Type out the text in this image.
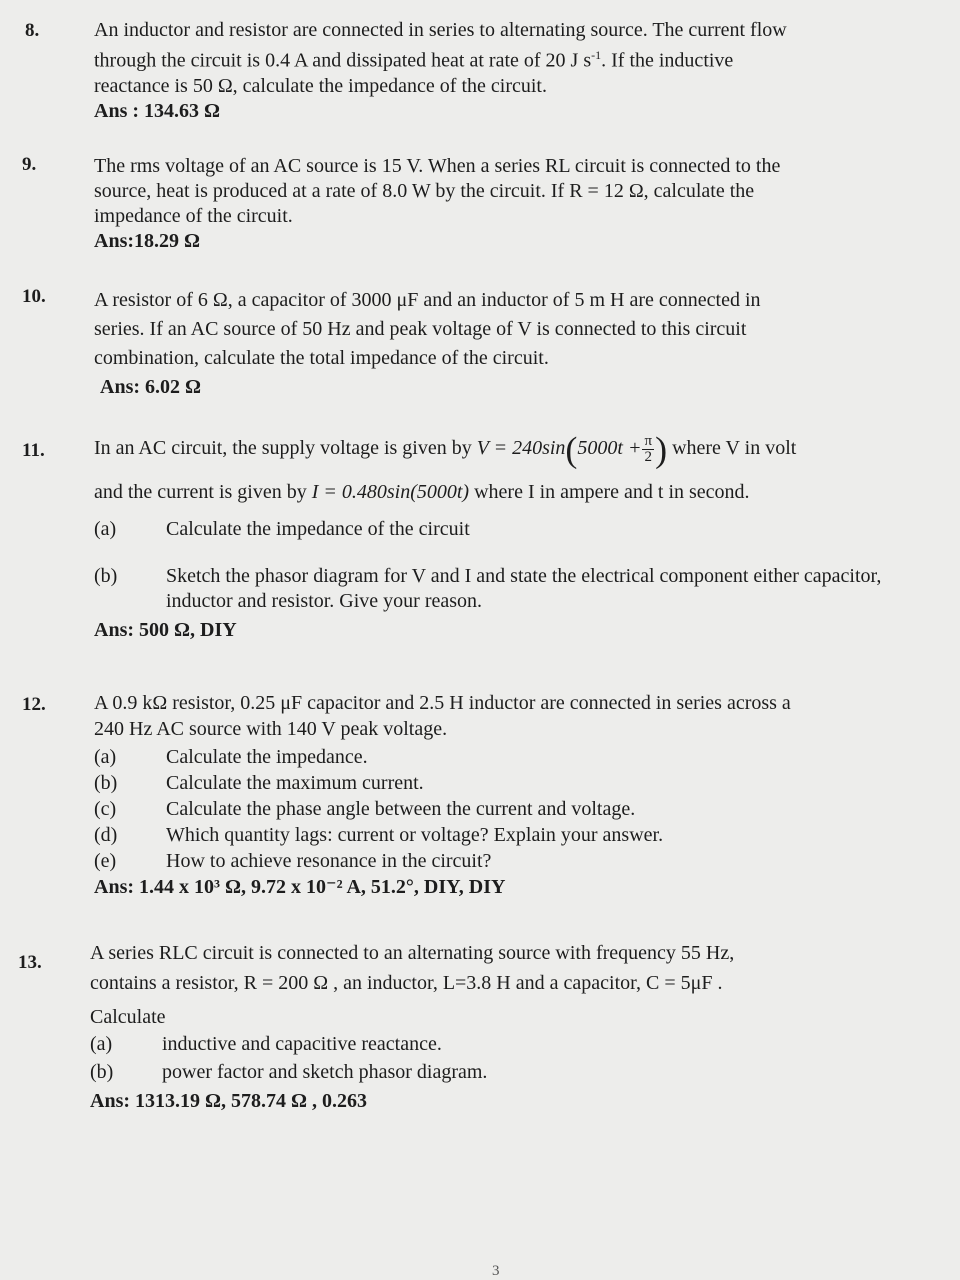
8.	An inductor and resistor are connected in series to alternating source. The current flow

through the circuit is 0.4 A and dissipated heat at rate of 20 J $s^{-1}$. If the inductive

reactance is 50 Ω, calculate the impedance of the circuit.

Ans : 134.63 Ω

9.	The rms voltage of an AC source is 15 V. When a series RL circuit is connected to the

source, heat is produced at a rate of 8.0 W by the circuit. If R = 12 Ω, calculate the

impedance of the circuit.

Ans:18.29 Ω

10. A resistor of 6 Ω, a capacitor of 3000 μF and an inductor of 5 m H are connected in

series. If an AC source of 50 Hz and peak voltage of V is connected to this circuit

combination, calculate the total impedance of the circuit.

Ans: 6.02 Ω

11. In an AC circuit, the supply voltage is given by $V = 240\sin(5000t + \frac{\pi}{2}$ ) where V in volt

and the current is given by I = 0.480sin(5000t) where I in ampere and t in second.

(a)	Calculate the impedance of the circuit
(b)	Sketch the phasor diagram for V and I and state the electrical component either capacitor, inductor and resistor. Give your reason.

Ans: 500 Ω, DIY

12. A 0.9 kΩ resistor, 0.25 μF capacitor and 2.5 H inductor are connected in series across a

240 Hz AC source with 140 V peak voltage.

(a)	Calculate the impedance.
(b)	Calculate the maximum current.
(c)	Calculate the phase angle between the current and voltage.
(d)	Which quantity lags: current or voltage? Explain your answer.
(e)	How to achieve resonance in the circuit?

Ans: 1.44 x 10³ Ω, 9.72 x 10⁻² A, 51.2°, DIY, DIY

13. A series RLC circuit is connected to an alternating source with frequency 55 Hz,

contains a resistor, R = 200 Ω , an inductor, L=3.8 H and a capacitor, C = 5μF .

Calculate

(a)	inductive and capacitive reactance.
(b)	power factor and sketch phasor diagram.

Ans: 1313.19 Ω, 578.74 Ω , 0.263

3
